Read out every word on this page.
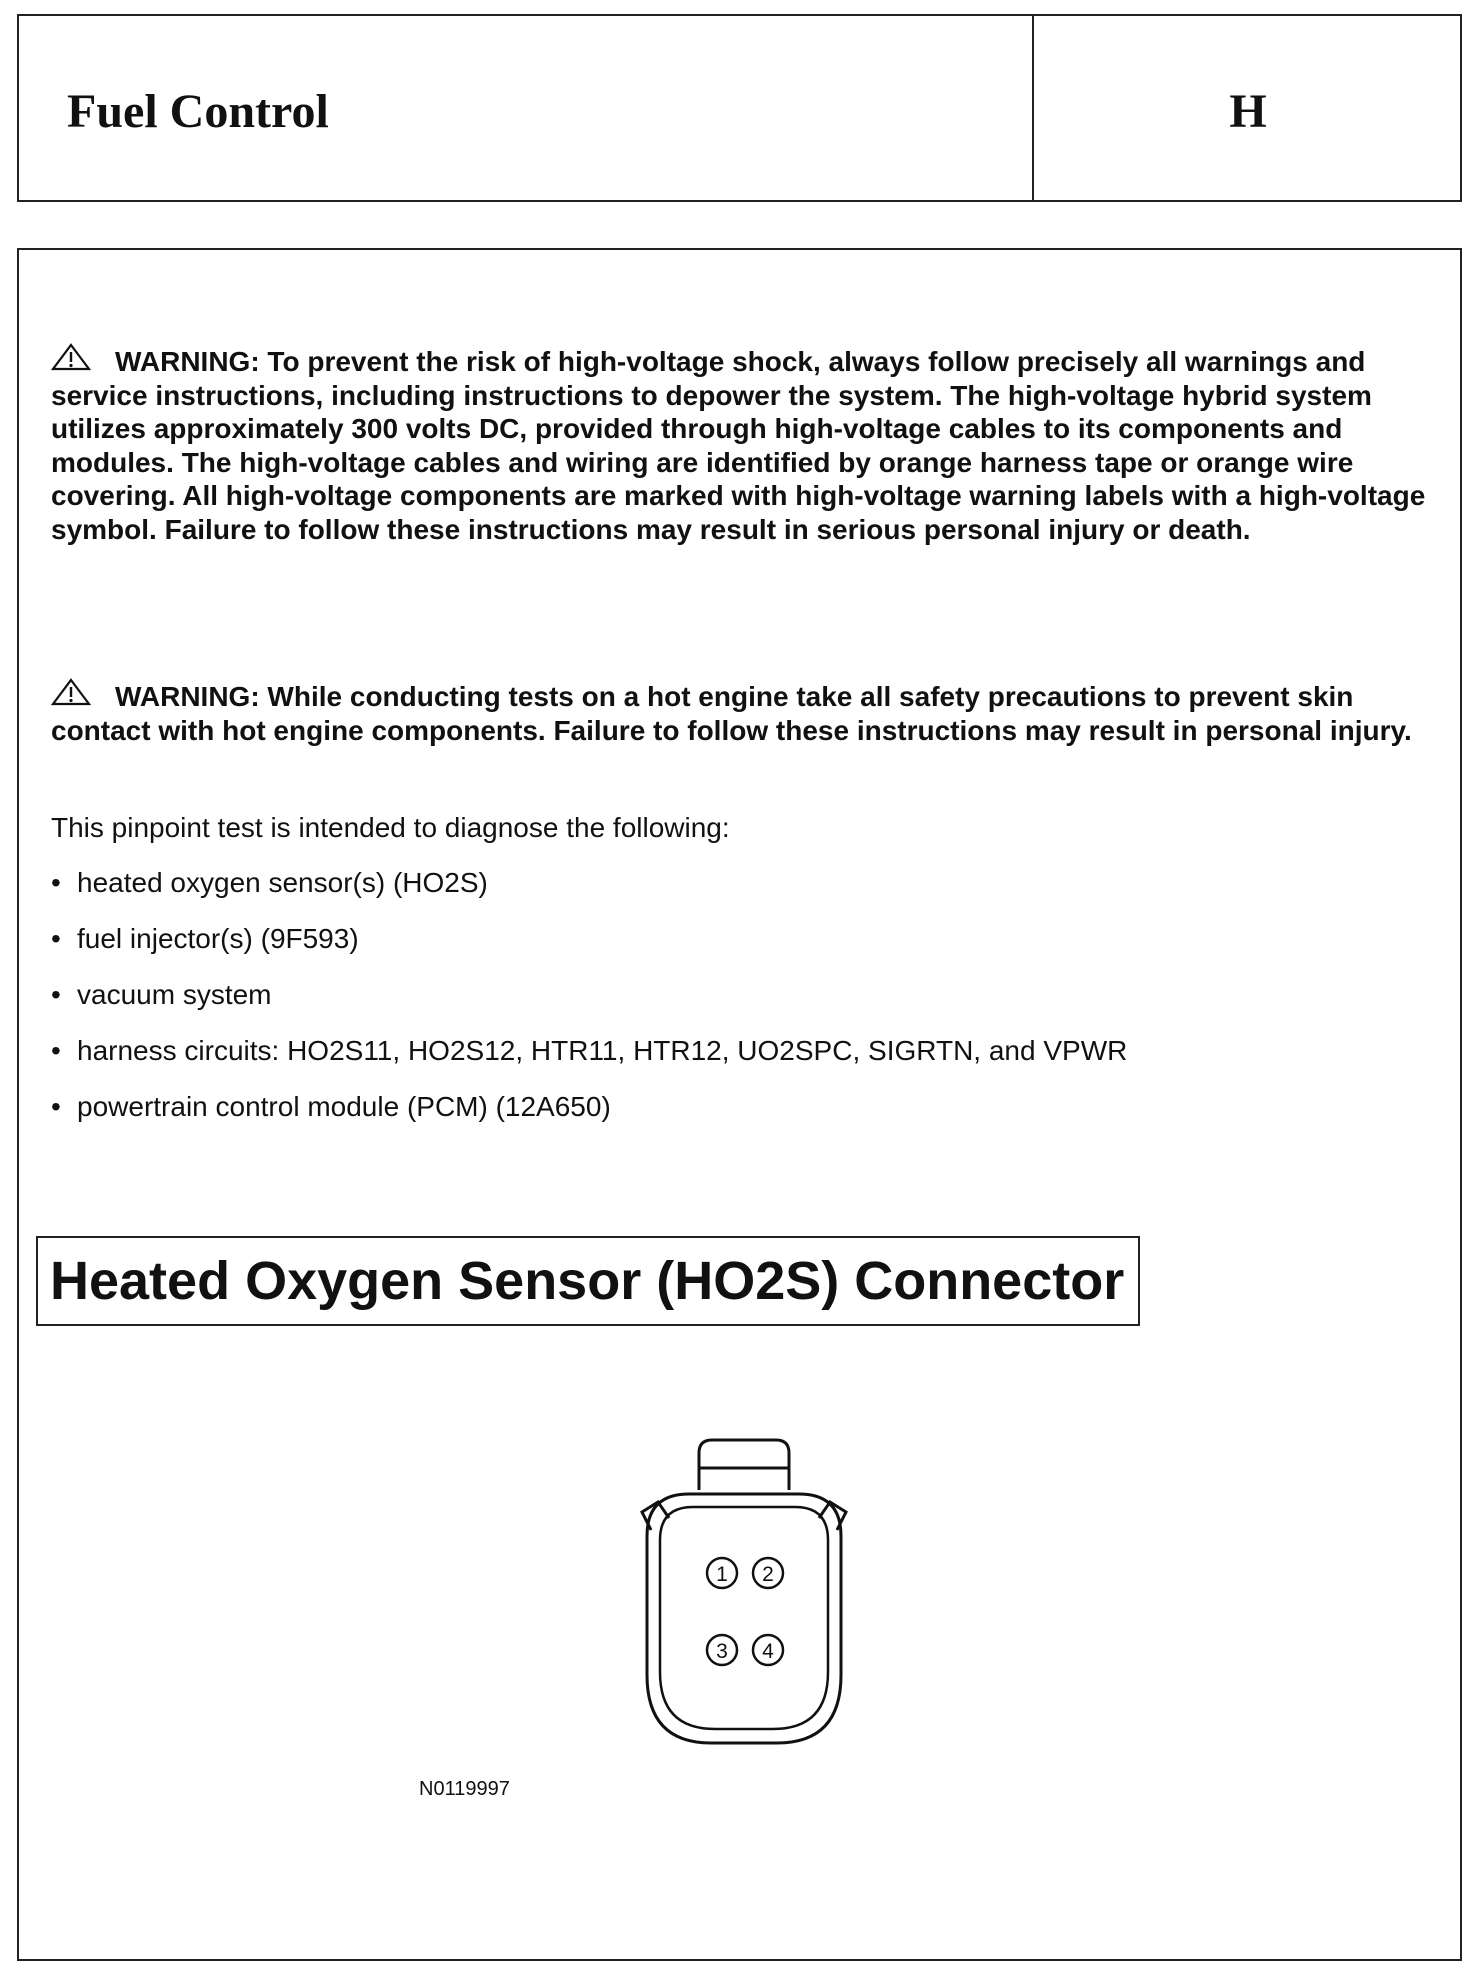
Fuel Control	H
WARNING: To prevent the risk of high-voltage shock, always follow precisely all warnings and service instructions, including instructions to depower the system. The high-voltage hybrid system utilizes approximately 300 volts DC, provided through high-voltage cables to its components and modules. The high-voltage cables and wiring are identified by orange harness tape or orange wire covering. All high-voltage components are marked with high-voltage warning labels with a high-voltage symbol. Failure to follow these instructions may result in serious personal injury or death.
WARNING: While conducting tests on a hot engine take all safety precautions to prevent skin contact with hot engine components. Failure to follow these instructions may result in personal injury.
This pinpoint test is intended to diagnose the following:
• heated oxygen sensor(s) (HO2S)
• fuel injector(s) (9F593)
• vacuum system
• harness circuits: HO2S11, HO2S12, HTR11, HTR12, UO2SPC, SIGRTN, and VPWR
• powertrain control module (PCM) (12A650)
Heated Oxygen Sensor (HO2S) Connector
1 2
3 4
N0119997
